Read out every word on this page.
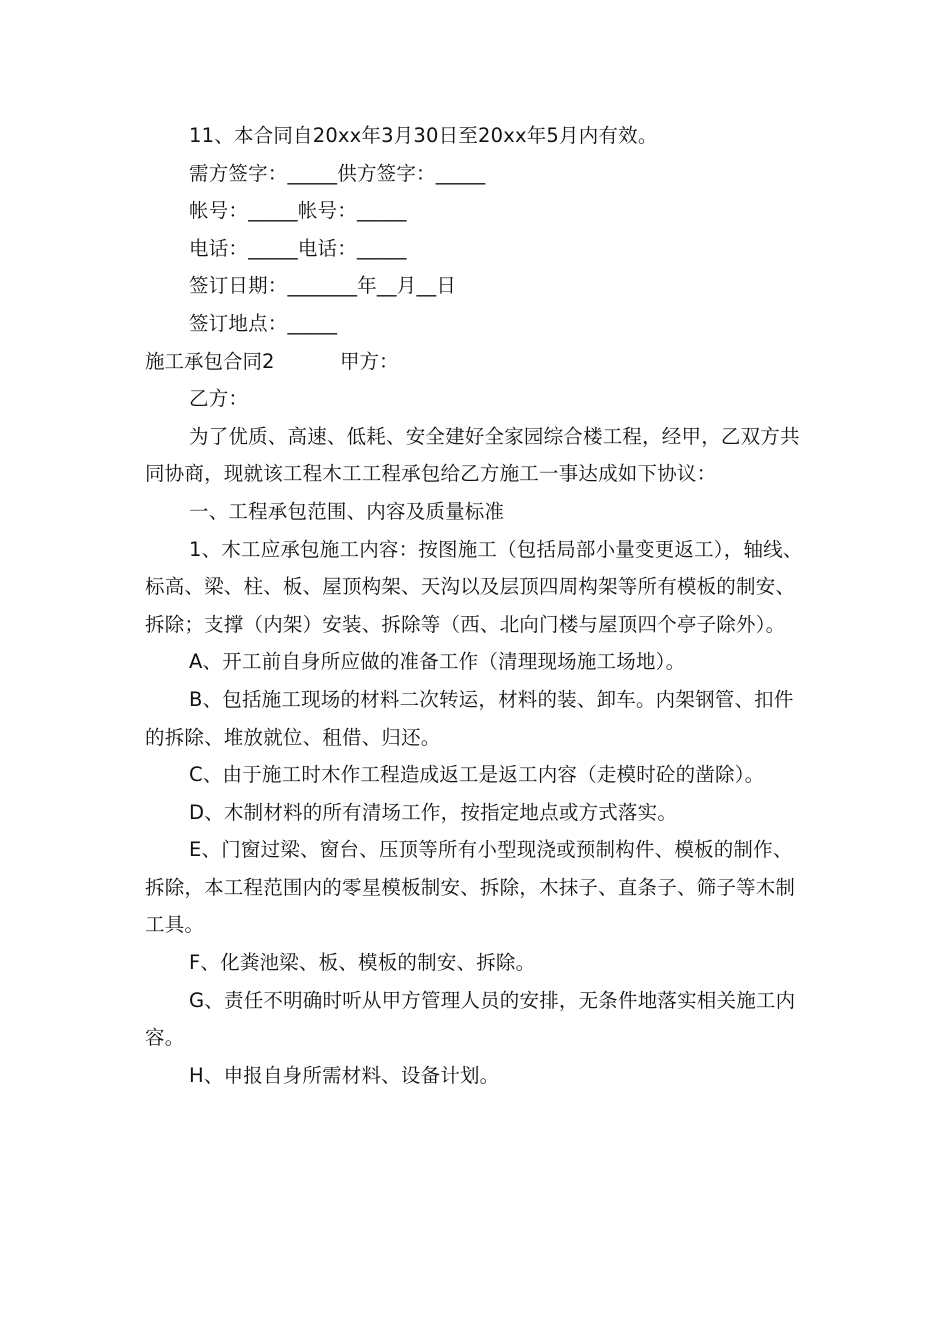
11、本合同自20xx年3月30日至20xx年5月内有效。

需方签字：_____供方签字：_____

帐号：_____帐号：_____

电话：_____电话：_____

签订日期：_______年__月__日

签订地点：_____

施工承包合同2	甲方：

乙方：

为了优质、高速、低耗、安全建好全家园综合楼工程，经甲，乙双方共同协商，现就该工程木工工程承包给乙方施工一事达成如下协议：

一、工程承包范围、内容及质量标准

1、木工应承包施工内容：按图施工（包括局部小量变更返工），轴线、标高、梁、柱、板、屋顶构架、天沟以及层顶四周构架等所有模板的制安、拆除；支撑（内架）安装、拆除等（西、北向门楼与屋顶四个亭子除外）。

A、开工前自身所应做的准备工作（清理现场施工场地）。

B、包括施工现场的材料二次转运，材料的装、卸车。内架钢管、扣件的拆除、堆放就位、租借、归还。

C、由于施工时木作工程造成返工是返工内容（走模时砼的凿除）。

D、木制材料的所有清场工作，按指定地点或方式落实。

E、门窗过梁、窗台、压顶等所有小型现浇或预制构件、模板的制作、拆除，本工程范围内的零星模板制安、拆除，木抹子、直条子、筛子等木制工具。

F、化粪池梁、板、模板的制安、拆除。

G、责任不明确时听从甲方管理人员的安排，无条件地落实相关施工内容。

H、申报自身所需材料、设备计划。
